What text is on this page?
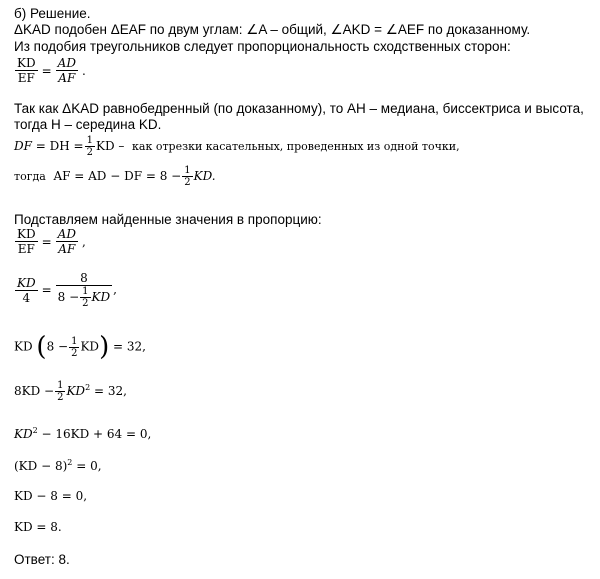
б) Решение.
ΔKAD подобен ΔEAF по двум углам: ∠A – общий, ∠AKD = ∠AEF по доказанному.
Из подобия треугольников следует пропорциональность сходственных сторон:
$\frac{KD}{EF} = \frac{AD}{AF}$ .
Так как ΔKAD равнобедренный (по доказанному), то AH – медиана, биссектриса и высота,
тогда H – середина KD.
DF = DH = $\frac{1}{2}$ KD – как отрезки касательных, проведенных из одной точки,
тогда AF = AD − DF = $8 - \frac{1}{2}$ KD.
Подставляем найденные значения в пропорцию:
$\frac{KD}{EF} = \frac{AD}{AF}$ ,
$\frac{KD}{4} = \frac{8}{8 - \frac{1}{2} KD}$ ,
KD $(8 - \frac{1}{2} KD) = 32$,
$8KD - \frac{1}{2} KD^2 = 32$,
$KD^2 - 16KD + 64 = 0$,
(KD − 8)$^2$ = 0,
KD − 8 = 0,
KD = 8.
Ответ: 8.
